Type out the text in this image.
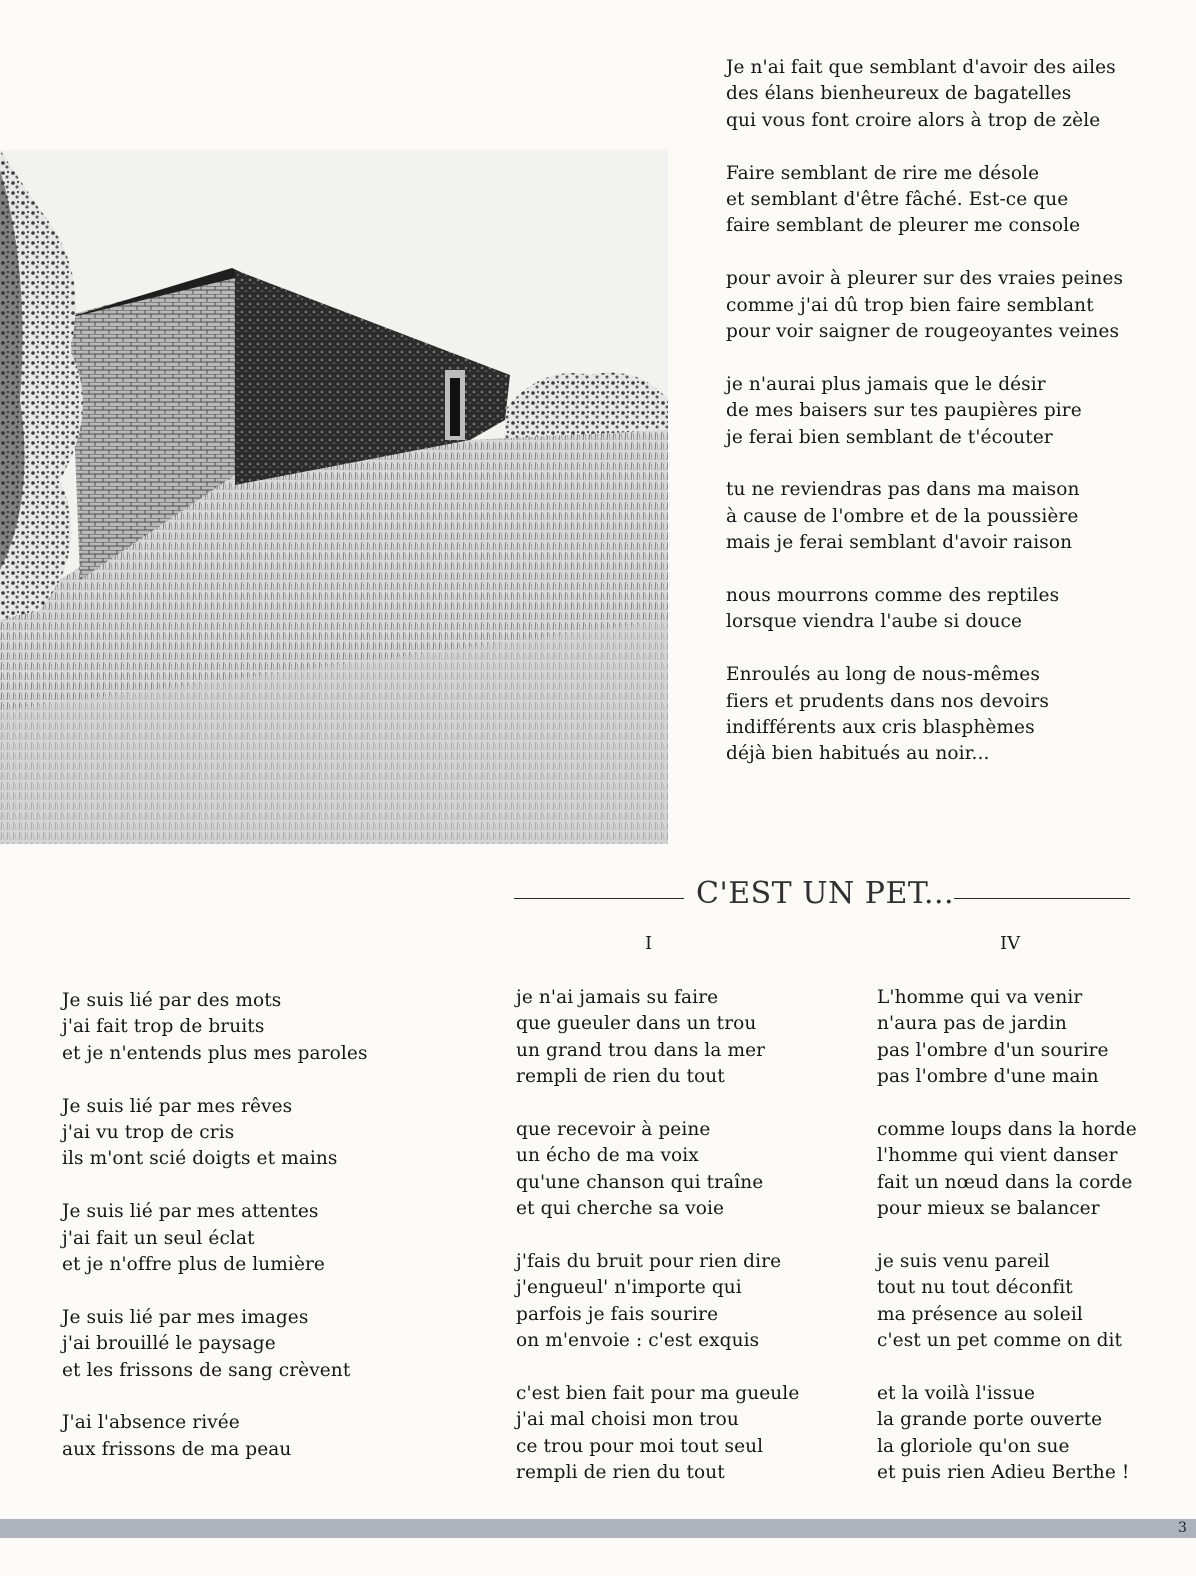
Je n'ai fait que semblant d'avoir des ailes
des élans bienheureux de bagatelles
qui vous font croire alors à trop de zèle
Faire semblant de rire me désole
et semblant d'être fâché. Est-ce que
faire semblant de pleurer me console
pour avoir à pleurer sur des vraies peines
comme j'ai dû trop bien faire semblant
pour voir saigner de rougeoyantes veines
je n'aurai plus jamais que le désir
de mes baisers sur tes paupières pire
je ferai bien semblant de t'écouter
tu ne reviendras pas dans ma maison
à cause de l'ombre et de la poussière
mais je ferai semblant d'avoir raison
nous mourrons comme des reptiles
lorsque viendra l'aube si douce
Enroulés au long de nous-mêmes
fiers et prudents dans nos devoirs
indifférents aux cris blasphèmes
déjà bien habitués au noir...
C'EST UN PET...
I	IV
Je suis lié par des mots
j'ai fait trop de bruits
et je n'entends plus mes paroles
Je suis lié par mes rêves
j'ai vu trop de cris
ils m'ont scié doigts et mains
Je suis lié par mes attentes
j'ai fait un seul éclat
et je n'offre plus de lumière
Je suis lié par mes images
j'ai brouillé le paysage
et les frissons de sang crèvent
J'ai l'absence rivée
aux frissons de ma peau
je n'ai jamais su faire
que gueuler dans un trou
un grand trou dans la mer
rempli de rien du tout
que recevoir à peine
un écho de ma voix
qu'une chanson qui traîne
et qui cherche sa voie
j'fais du bruit pour rien dire
j'engueul' n'importe qui
parfois je fais sourire
on m'envoie : c'est exquis
c'est bien fait pour ma gueule
j'ai mal choisi mon trou
ce trou pour moi tout seul
rempli de rien du tout
L'homme qui va venir
n'aura pas de jardin
pas l'ombre d'un sourire
pas l'ombre d'une main
comme loups dans la horde
l'homme qui vient danser
fait un nœud dans la corde
pour mieux se balancer
je suis venu pareil
tout nu tout déconfit
ma présence au soleil
c'est un pet comme on dit
et la voilà l'issue
la grande porte ouverte
la gloriole qu'on sue
et puis rien Adieu Berthe !
3
